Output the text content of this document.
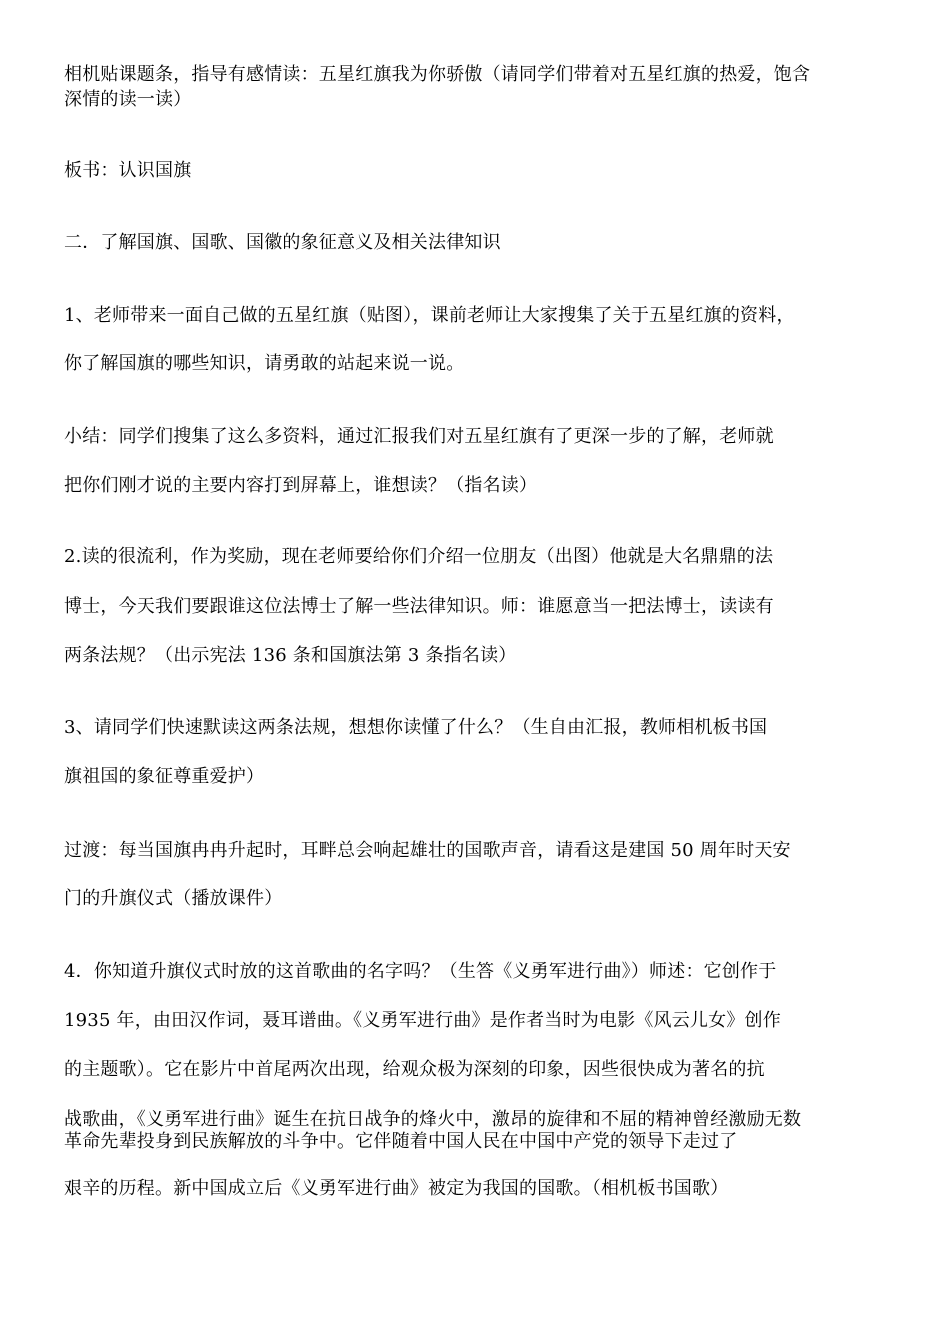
相机贴课题条，指导有感情读：五星红旗我为你骄傲（请同学们带着对五星红旗的热爱，饱含
深情的读一读）
板书：认识国旗
二．了解国旗、国歌、国徽的象征意义及相关法律知识
1、老师带来一面自己做的五星红旗（贴图），课前老师让大家搜集了关于五星红旗的资料，
你了解国旗的哪些知识，请勇敢的站起来说一说。
小结：同学们搜集了这么多资料，通过汇报我们对五星红旗有了更深一步的了解，老师就
把你们刚才说的主要内容打到屏幕上，谁想读？（指名读）
2.读的很流利，作为奖励，现在老师要给你们介绍一位朋友（出图）他就是大名鼎鼎的法
博士，今天我们要跟谁这位法博士了解一些法律知识。师：谁愿意当一把法博士，读读有
两条法规？（出示宪法 136 条和国旗法第 3 条指名读）
3、请同学们快速默读这两条法规，想想你读懂了什么？（生自由汇报，教师相机板书国
旗祖国的象征尊重爱护）
过渡：每当国旗冉冉升起时，耳畔总会响起雄壮的国歌声音，请看这是建国 50 周年时天安
门的升旗仪式（播放课件）
4．你知道升旗仪式时放的这首歌曲的名字吗？（生答《义勇军进行曲》）师述：它创作于
1935 年，由田汉作词，聂耳谱曲。《义勇军进行曲》是作者当时为电影《风云儿女》创作
的主题歌）。它在影片中首尾两次出现，给观众极为深刻的印象，因些很快成为著名的抗
战歌曲，《义勇军进行曲》诞生在抗日战争的烽火中，激昂的旋律和不屈的精神曾经激励无数
革命先辈投身到民族解放的斗争中。它伴随着中国人民在中国中产党的领导下走过了
艰辛的历程。新中国成立后《义勇军进行曲》被定为我国的国歌。（相机板书国歌）
